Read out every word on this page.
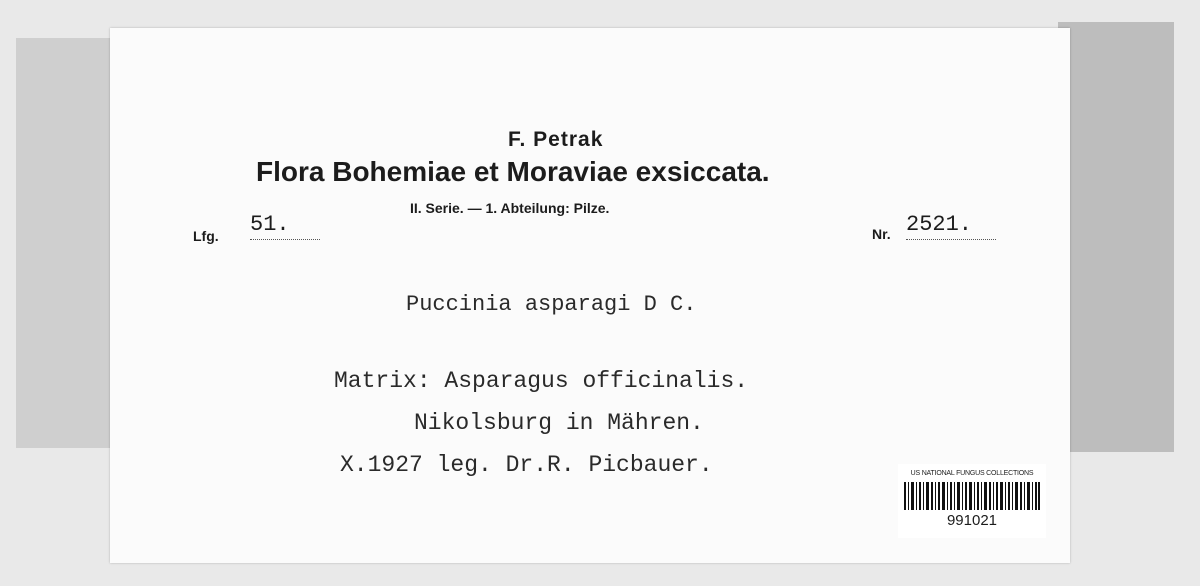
F. Petrak
Flora Bohemiae et Moraviae exsiccata.
II. Serie. — 1. Abteilung: Pilze.
Lfg. 51.	Nr. 2521.
Puccinia asparagi D C.
Matrix: Asparagus officinalis.
Nikolsburg in Mähren.
X.1927 leg. Dr.R. Picbauer.	US NATIONAL FUNGUS COLLECTIONS
991021
